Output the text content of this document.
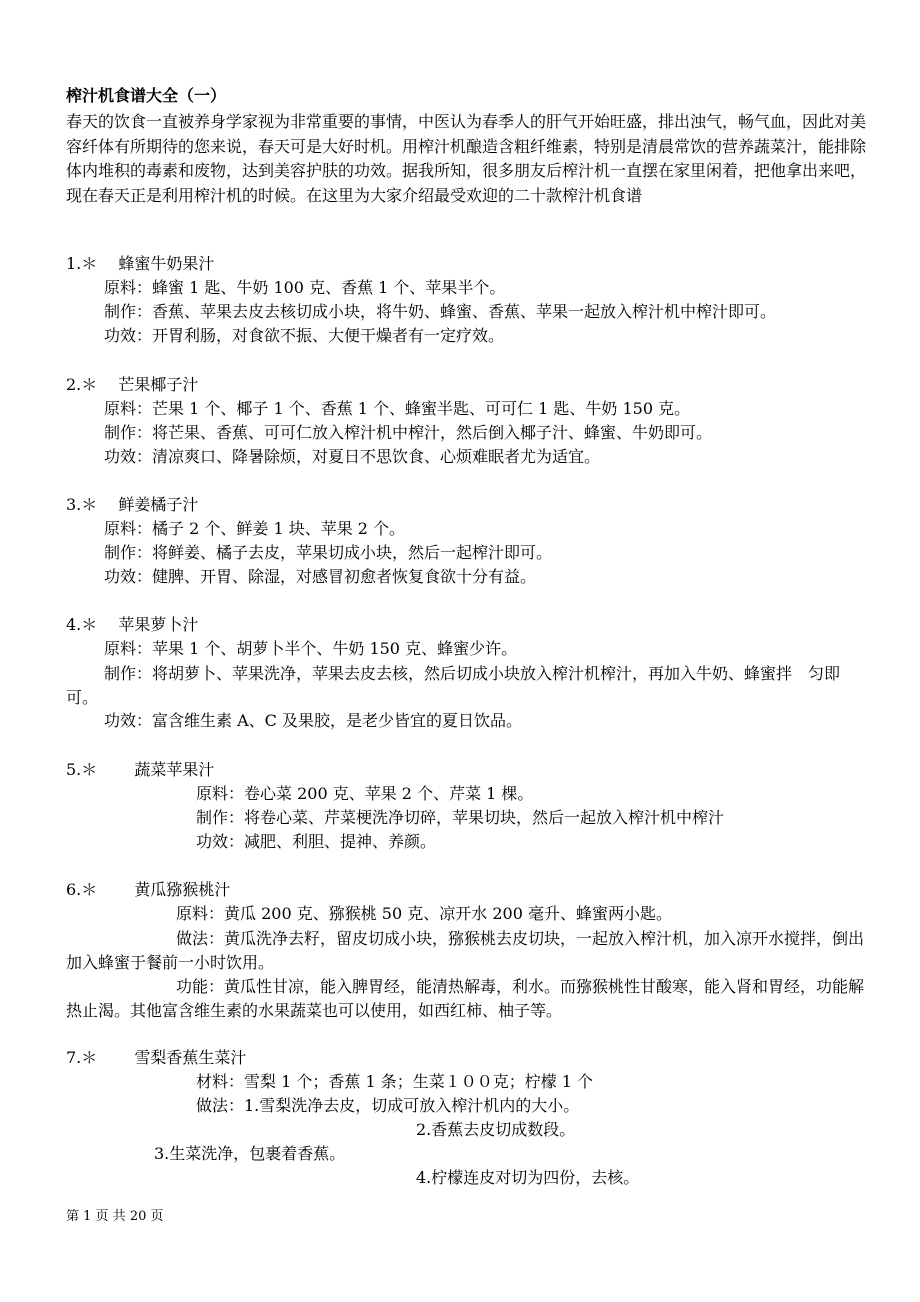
榨汁机食谱大全（一）
春天的饮食一直被养身学家视为非常重要的事情，中医认为春季人的肝气开始旺盛，排出浊气，畅气血，因此对美容纤体有所期待的您来说，春天可是大好时机。用榨汁机酿造含粗纤维素，特别是清晨常饮的营养蔬菜汁，能排除体内堆积的毒素和废物，达到美容护肤的功效。据我所知，很多朋友后榨汁机一直摆在家里闲着，把他拿出来吧，现在春天正是利用榨汁机的时候。在这里为大家介绍最受欢迎的二十款榨汁机食谱
1.＊　 蜂蜜牛奶果汁
原料：蜂蜜 1 匙、牛奶 100 克、香蕉 1 个、苹果半个。
制作：香蕉、苹果去皮去核切成小块，将牛奶、蜂蜜、香蕉、苹果一起放入榨汁机中榨汁即可。
功效：开胃利肠，对食欲不振、大便干燥者有一定疗效。
2.＊　 芒果椰子汁
原料：芒果 1 个、椰子 1 个、香蕉 1 个、蜂蜜半匙、可可仁 1 匙、牛奶 150 克。
制作：将芒果、香蕉、可可仁放入榨汁机中榨汁，然后倒入椰子汁、蜂蜜、牛奶即可。
功效：清凉爽口、降暑除烦，对夏日不思饮食、心烦难眠者尤为适宜。
3.＊　 鲜姜橘子汁
原料：橘子 2 个、鲜姜 1 块、苹果 2 个。
制作：将鲜姜、橘子去皮，苹果切成小块，然后一起榨汁即可。
功效：健脾、开胃、除湿，对感冒初愈者恢复食欲十分有益。
4.＊　 苹果萝卜汁
原料：苹果 1 个、胡萝卜半个、牛奶 150 克、蜂蜜少许。
制作：将胡萝卜、苹果洗净，苹果去皮去核，然后切成小块放入榨汁机榨汁，再加入牛奶、蜂蜜拌　匀即可。
功效：富含维生素 A、C 及果胶，是老少皆宜的夏日饮品。
5.＊　　 蔬菜苹果汁
原料：卷心菜 200 克、苹果 2 个、芹菜 1 棵。
制作：将卷心菜、芹菜梗洗净切碎，苹果切块，然后一起放入榨汁机中榨汁
功效：减肥、利胆、提神、养颜。
6.＊　　 黄瓜猕猴桃汁
原料：黄瓜 200 克、猕猴桃 50 克、凉开水 200 毫升、蜂蜜两小匙。
做法：黄瓜洗净去籽，留皮切成小块，猕猴桃去皮切块，一起放入榨汁机，加入凉开水搅拌，倒出加入蜂蜜于餐前一小时饮用。
功能：黄瓜性甘凉，能入脾胃经，能清热解毒，利水。而猕猴桃性甘酸寒，能入肾和胃经，功能解热止渴。其他富含维生素的水果蔬菜也可以使用，如西红柿、柚子等。
7.＊　　 雪梨香蕉生菜汁
材料：雪梨 1 个；香蕉 1 条；生菜１００克；柠檬 1 个
做法：1.雪梨洗净去皮，切成可放入榨汁机内的大小。
2.香蕉去皮切成数段。
3.生菜洗净，包裹着香蕉。
4.柠檬连皮对切为四份，去核。
第 1 页 共 20 页
